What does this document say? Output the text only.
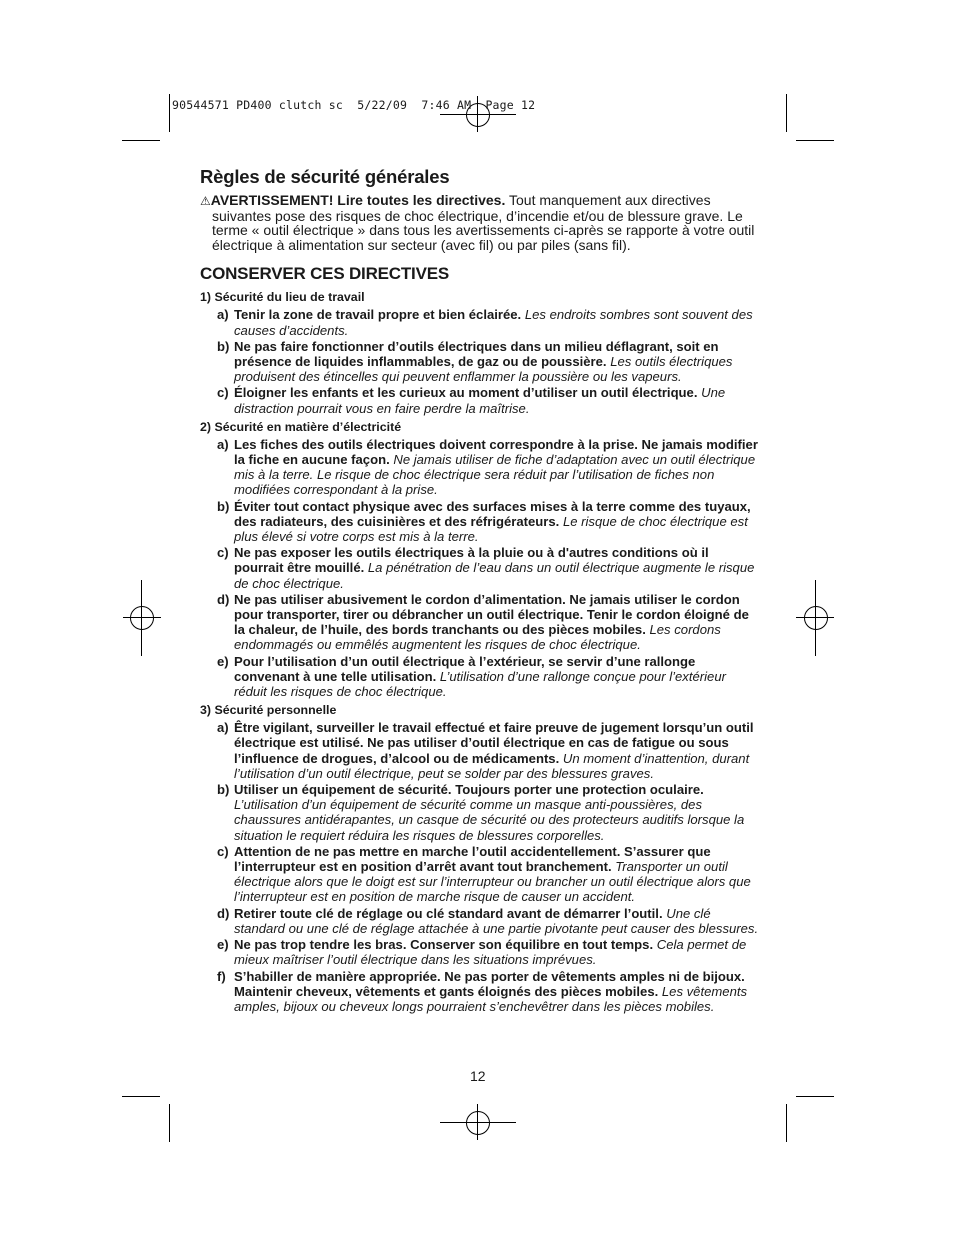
90544571 PD400 clutch sc  5/22/09  7:46 AM  Page 12
Règles de sécurité générales

⚠AVERTISSEMENT! Lire toutes les directives. Tout manquement aux directives suivantes pose des risques de choc électrique, d’incendie et/ou de blessure grave. Le terme « outil électrique » dans tous les avertissements ci-après se rapporte à votre outil électrique à alimentation sur secteur (avec fil) ou par piles (sans fil).

CONSERVER CES DIRECTIVES
1) Sécurité du lieu de travail
a) Tenir la zone de travail propre et bien éclairée. Les endroits sombres sont souvent des causes d’accidents.
b) Ne pas faire fonctionner d’outils électriques dans un milieu déflagrant, soit en présence de liquides inflammables, de gaz ou de poussière. Les outils électriques produisent des étincelles qui peuvent enflammer la poussière ou les vapeurs.
c) Éloigner les enfants et les curieux au moment d’utiliser un outil électrique. Une distraction pourrait vous en faire perdre la maîtrise.
2) Sécurité en matière d’électricité
a) Les fiches des outils électriques doivent correspondre à la prise. Ne jamais modifier la fiche en aucune façon. Ne jamais utiliser de fiche d’adaptation avec un outil électrique mis à la terre. Le risque de choc électrique sera réduit par l’utilisation de fiches non modifiées correspondant à la prise.
b) Éviter tout contact physique avec des surfaces mises à la terre comme des tuyaux, des radiateurs, des cuisinières et des réfrigérateurs. Le risque de choc électrique est plus élevé si votre corps est mis à la terre.
c) Ne pas exposer les outils électriques à la pluie ou à d'autres conditions où il pourrait être mouillé. La pénétration de l’eau dans un outil électrique augmente le risque de choc électrique.
d) Ne pas utiliser abusivement le cordon d’alimentation. Ne jamais utiliser le cordon pour transporter, tirer ou débrancher un outil électrique. Tenir le cordon éloigné de la chaleur, de l’huile, des bords tranchants ou des pièces mobiles. Les cordons endommagés ou emmêlés augmentent les risques de choc électrique.
e) Pour l’utilisation d’un outil électrique à l’extérieur, se servir d’une rallonge convenant à une telle utilisation. L’utilisation d’une rallonge conçue pour l’extérieur réduit les risques de choc électrique.
3) Sécurité personnelle
a) Être vigilant, surveiller le travail effectué et faire preuve de jugement lorsqu’un outil électrique est utilisé. Ne pas utiliser d’outil électrique en cas de fatigue ou sous l’influence de drogues, d’alcool ou de médicaments. Un moment d’inattention, durant l’utilisation d’un outil électrique, peut se solder par des blessures graves.
b) Utiliser un équipement de sécurité. Toujours porter une protection oculaire. L’utilisation d’un équipement de sécurité comme un masque anti-poussières, des chaussures antidérapantes, un casque de sécurité ou des protecteurs auditifs lorsque la situation le requiert réduira les risques de blessures corporelles.
c) Attention de ne pas mettre en marche l’outil accidentellement. S’assurer que l’interrupteur est en position d’arrêt avant tout branchement. Transporter un outil électrique alors que le doigt est sur l’interrupteur ou brancher un outil électrique alors que l’interrupteur est en position de marche risque de causer un accident.
d) Retirer toute clé de réglage ou clé standard avant de démarrer l’outil. Une clé standard ou une clé de réglage attachée à une partie pivotante peut causer des blessures.
e) Ne pas trop tendre les bras. Conserver son équilibre en tout temps. Cela permet de mieux maîtriser l’outil électrique dans les situations imprévues.
f) S’habiller de manière appropriée. Ne pas porter de vêtements amples ni de bijoux. Maintenir cheveux, vêtements et gants éloignés des pièces mobiles. Les vêtements amples, bijoux ou cheveux longs pourraient s’enchevêtrer dans les pièces mobiles.
12
